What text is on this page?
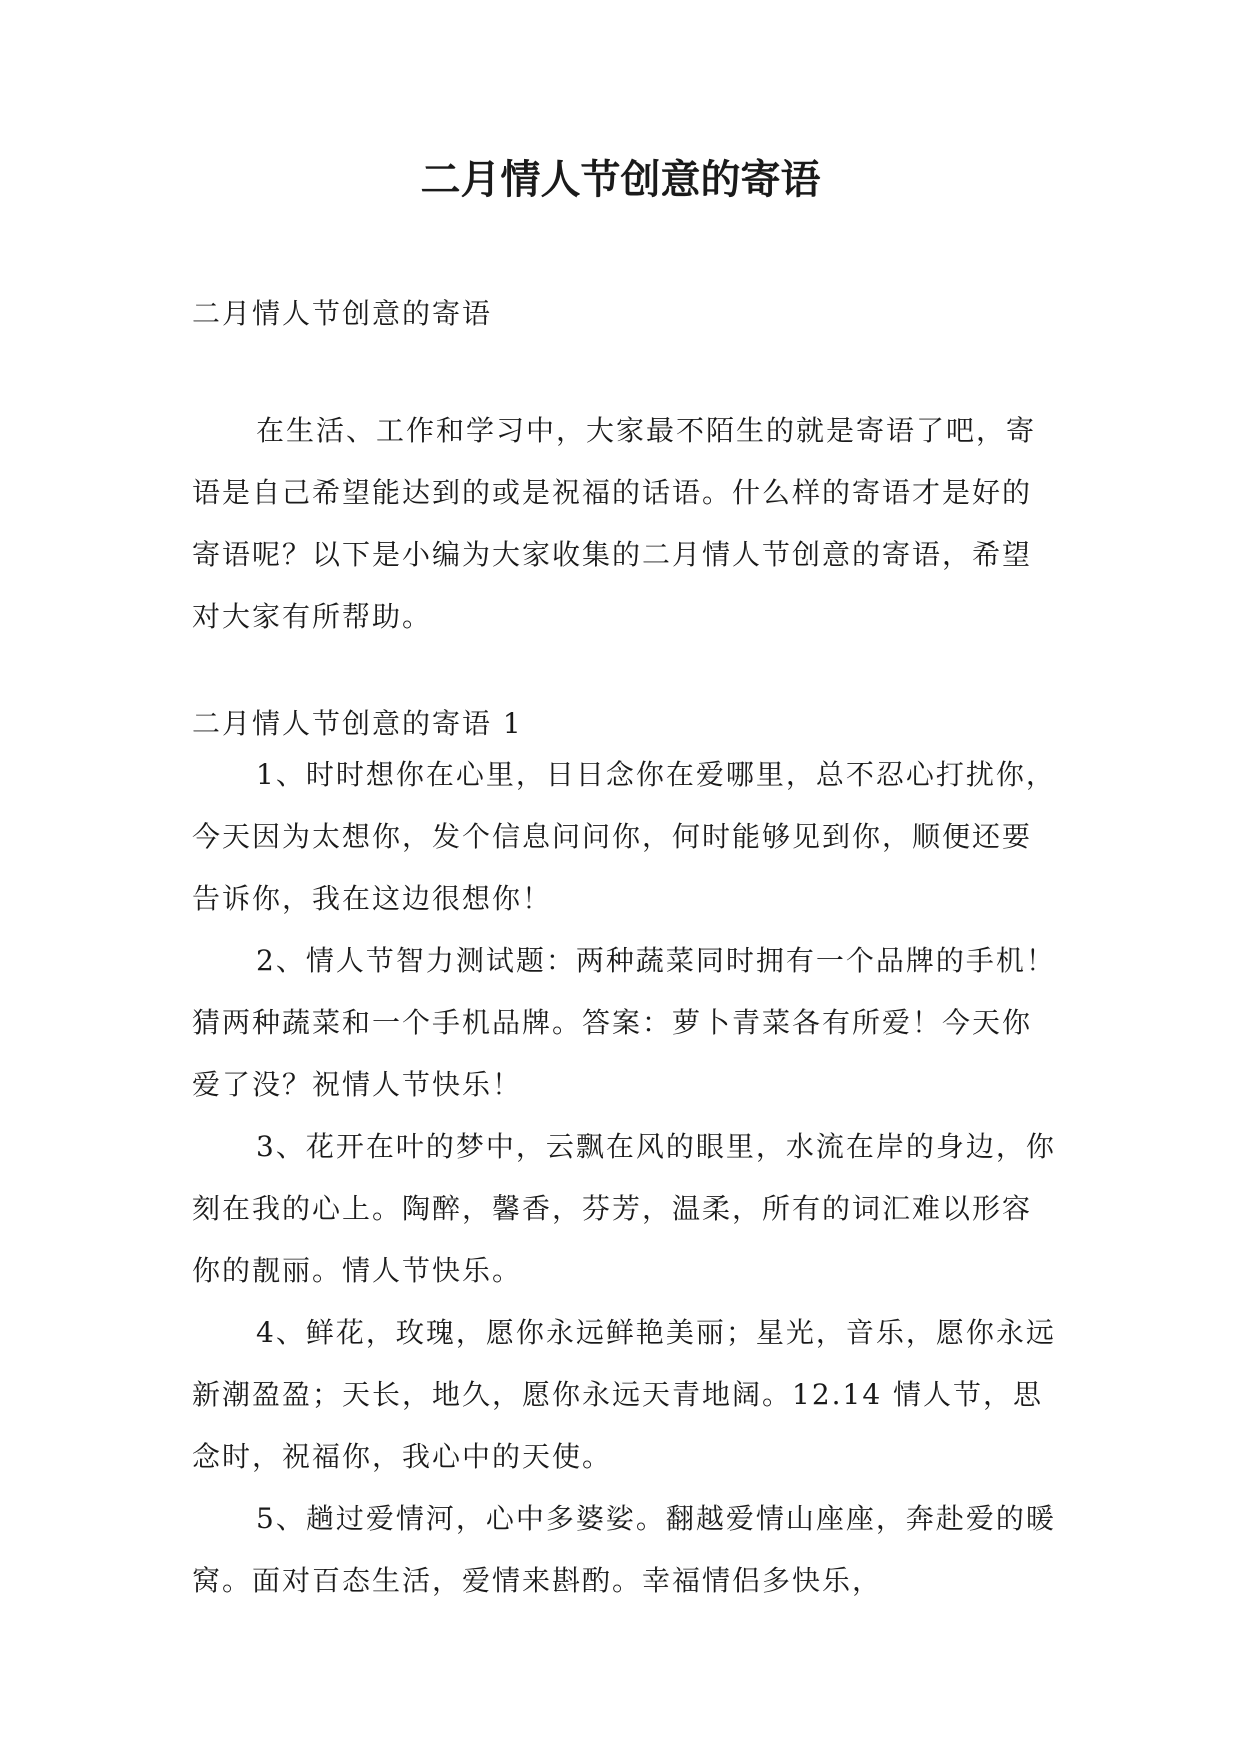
二月情人节创意的寄语
二月情人节创意的寄语

在生活、工作和学习中，大家最不陌生的就是寄语了吧，寄语是自己希望能达到的或是祝福的话语。什么样的寄语才是好的寄语呢？以下是小编为大家收集的二月情人节创意的寄语，希望对大家有所帮助。

二月情人节创意的寄语 1

1、时时想你在心里，日日念你在爱哪里，总不忍心打扰你，今天因为太想你，发个信息问问你，何时能够见到你，顺便还要告诉你，我在这边很想你！

2、情人节智力测试题：两种蔬菜同时拥有一个品牌的手机！猜两种蔬菜和一个手机品牌。答案：萝卜青菜各有所爱！今天你爱了没？祝情人节快乐！

3、花开在叶的梦中，云飘在风的眼里，水流在岸的身边，你刻在我的心上。陶醉，馨香，芬芳，温柔，所有的词汇难以形容你的靓丽。情人节快乐。

4、鲜花，玫瑰，愿你永远鲜艳美丽；星光，音乐，愿你永远新潮盈盈；天长，地久，愿你永远天青地阔。12.14 情人节，思念时，祝福你，我心中的天使。

5、趟过爱情河，心中多婆娑。翻越爱情山座座，奔赴爱的暖窝。面对百态生活，爱情来斟酌。幸福情侣多快乐，
